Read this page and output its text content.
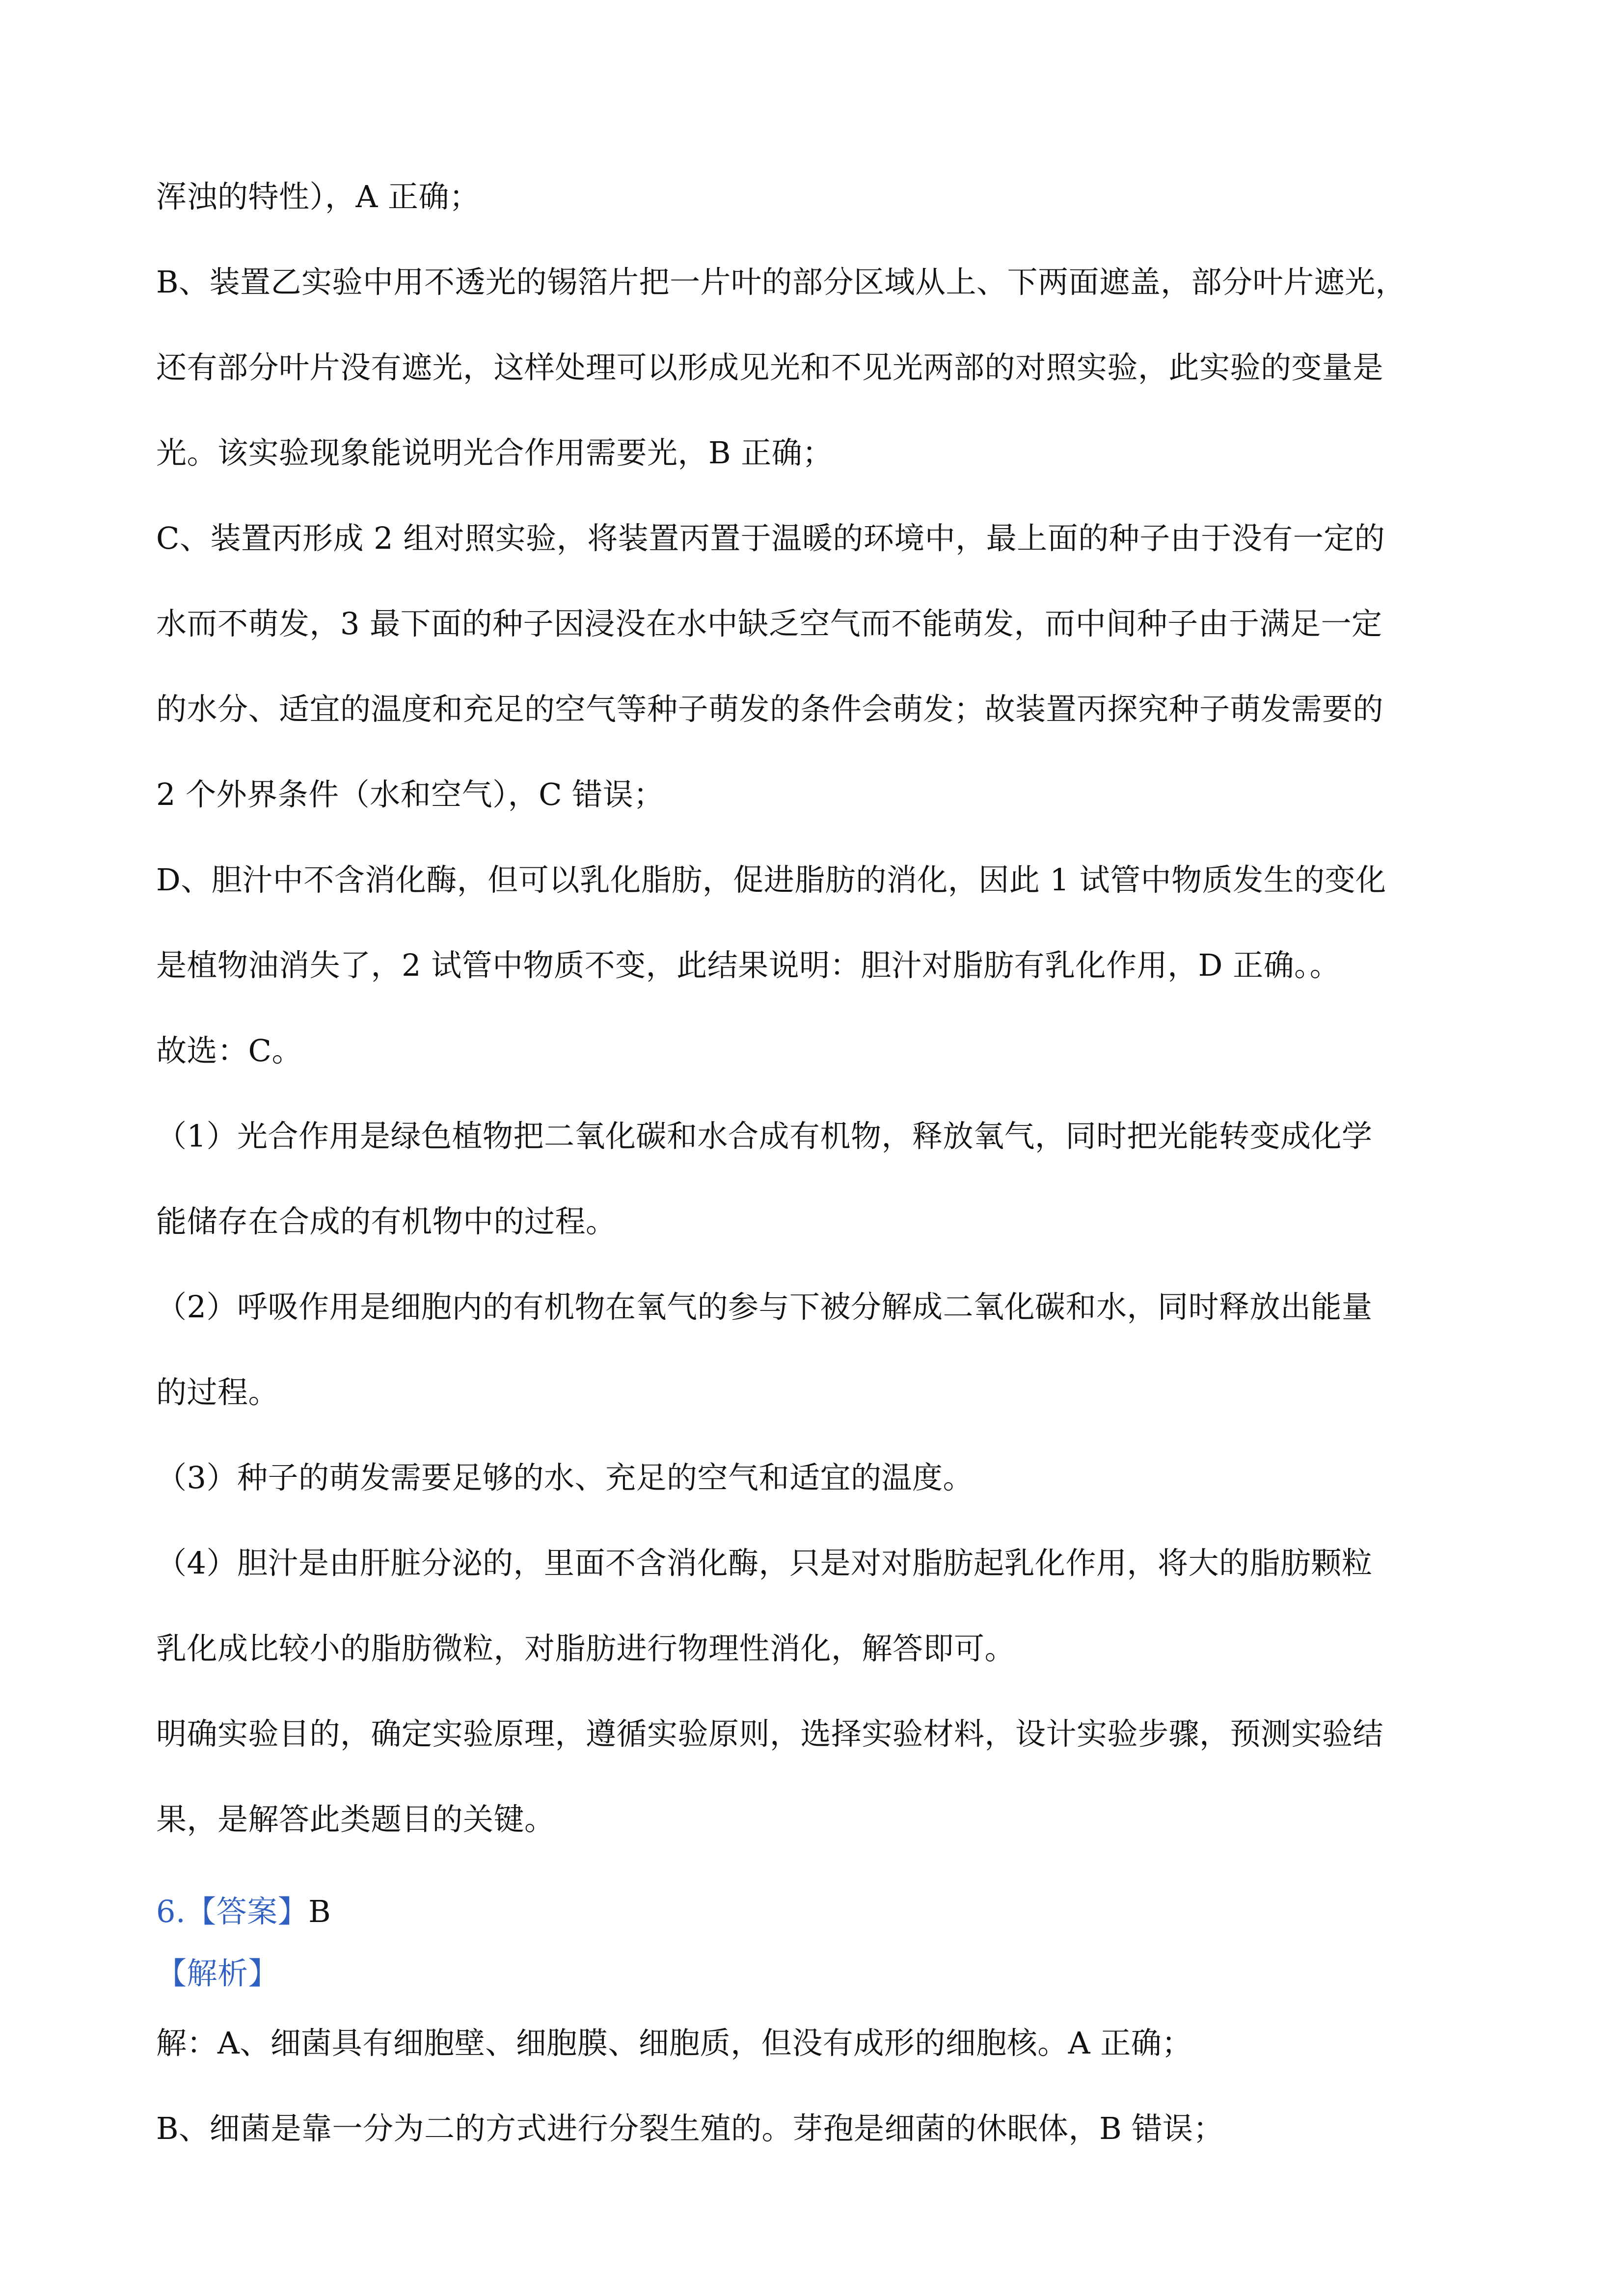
浑浊的特性），A 正确；
B、装置乙实验中用不透光的锡箔片把一片叶的部分区域从上、下两面遮盖，部分叶片遮光，
还有部分叶片没有遮光，这样处理可以形成见光和不见光两部的对照实验，此实验的变量是
光。该实验现象能说明光合作用需要光，B 正确；
C、装置丙形成 2 组对照实验，将装置丙置于温暖的环境中，最上面的种子由于没有一定的
水而不萌发，3 最下面的种子因浸没在水中缺乏空气而不能萌发，而中间种子由于满足一定
的水分、适宜的温度和充足的空气等种子萌发的条件会萌发；故装置丙探究种子萌发需要的
2 个外界条件（水和空气），C 错误；
D、胆汁中不含消化酶，但可以乳化脂肪，促进脂肪的消化，因此 1 试管中物质发生的变化
是植物油消失了，2 试管中物质不变，此结果说明：胆汁对脂肪有乳化作用，D 正确。。
故选：C。
（1）光合作用是绿色植物把二氧化碳和水合成有机物，释放氧气，同时把光能转变成化学
能储存在合成的有机物中的过程。
（2）呼吸作用是细胞内的有机物在氧气的参与下被分解成二氧化碳和水，同时释放出能量
的过程。
（3）种子的萌发需要足够的水、充足的空气和适宜的温度。
（4）胆汁是由肝脏分泌的，里面不含消化酶，只是对对脂肪起乳化作用，将大的脂肪颗粒
乳化成比较小的脂肪微粒，对脂肪进行物理性消化，解答即可。
明确实验目的，确定实验原理，遵循实验原则，选择实验材料，设计实验步骤，预测实验结
果，是解答此类题目的关键。
6.【答案】B
【解析】
解：A、细菌具有细胞壁、细胞膜、细胞质，但没有成形的细胞核。A 正确；
B、细菌是靠一分为二的方式进行分裂生殖的。芽孢是细菌的休眠体，B 错误；
